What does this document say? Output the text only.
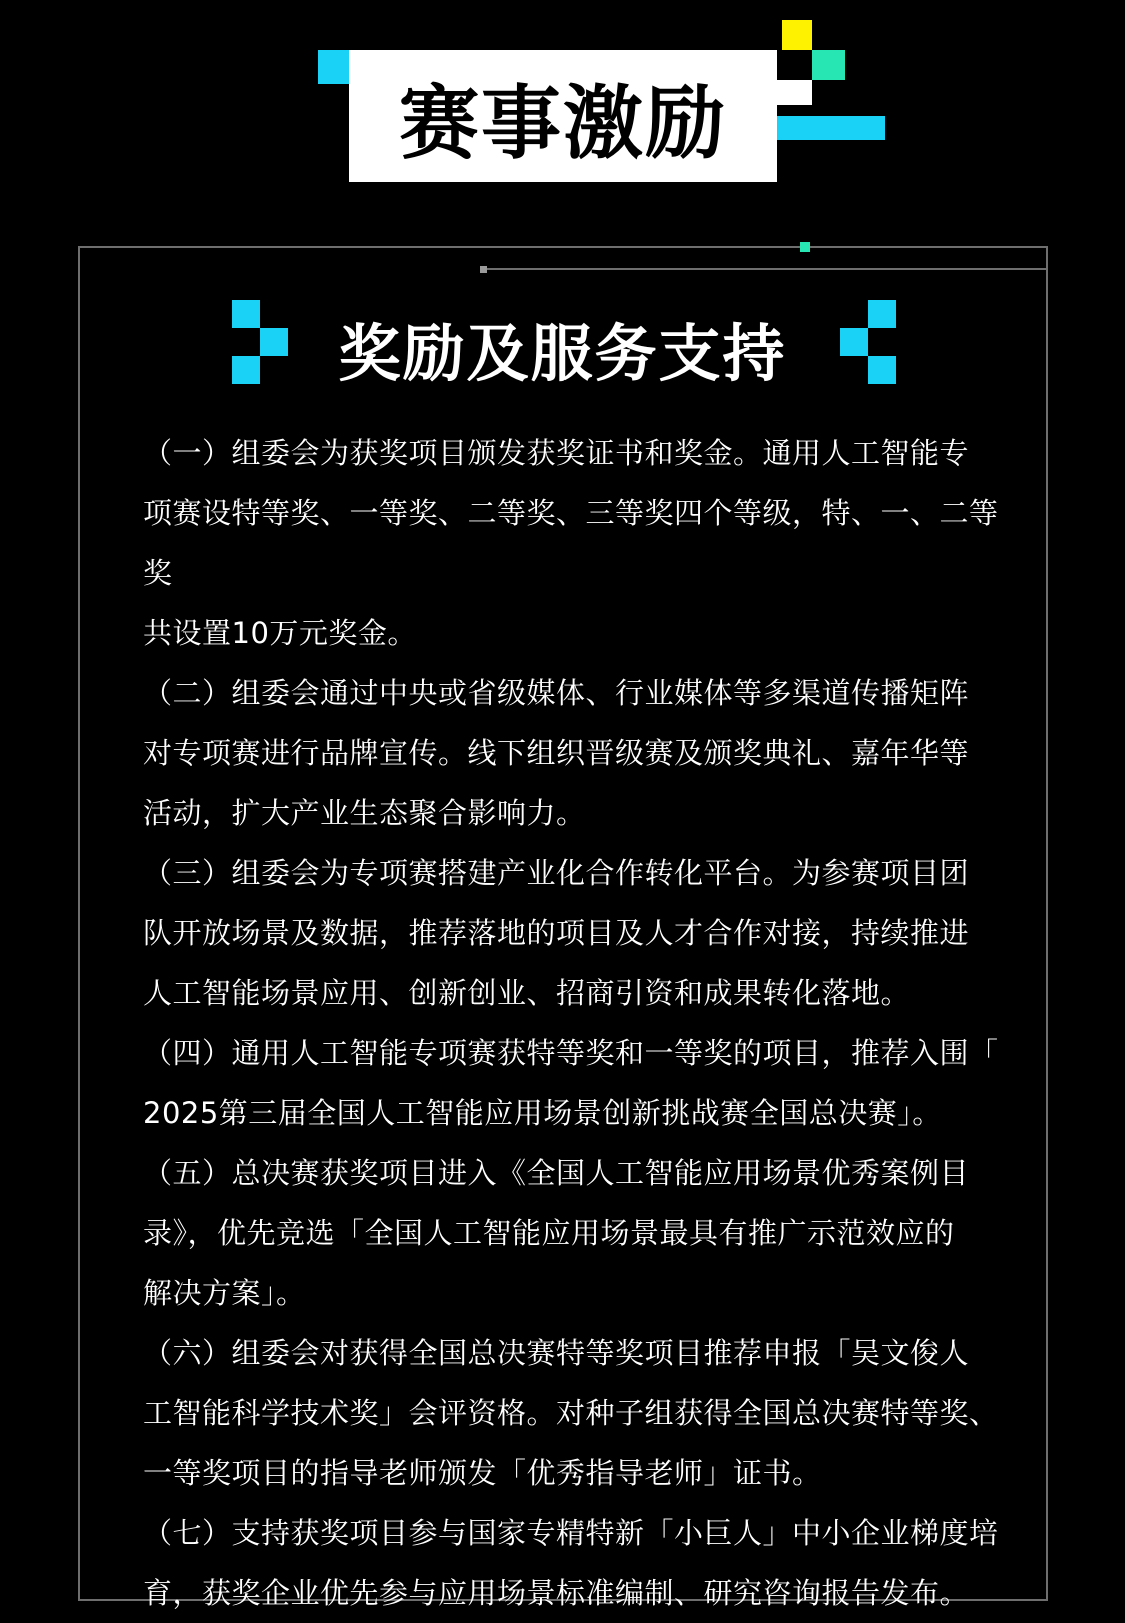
赛事激励
奖励及服务支持

（一）组委会为获奖项目颁发获奖证书和奖金。通用人工智能专
项赛设特等奖、一等奖、二等奖、三等奖四个等级，特、一、二等奖
共设置10万元奖金。

（二）组委会通过中央或省级媒体、行业媒体等多渠道传播矩阵
对专项赛进行品牌宣传。线下组织晋级赛及颁奖典礼、嘉年华等
活动，扩大产业生态聚合影响力。

（三）组委会为专项赛搭建产业化合作转化平台。为参赛项目团
队开放场景及数据，推荐落地的项目及人才合作对接，持续推进
人工智能场景应用、创新创业、招商引资和成果转化落地。

（四）通用人工智能专项赛获特等奖和一等奖的项目，推荐入围「
2025第三届全国人工智能应用场景创新挑战赛全国总决赛」。

（五）总决赛获奖项目进入《全国人工智能应用场景优秀案例目
录》，优先竞选「全国人工智能应用场景最具有推广示范效应的
解决方案」。

（六）组委会对获得全国总决赛特等奖项目推荐申报「吴文俊人
工智能科学技术奖」会评资格。对种子组获得全国总决赛特等奖、
一等奖项目的指导老师颁发「优秀指导老师」证书。

（七）支持获奖项目参与国家专精特新「小巨人」中小企业梯度培
育，获奖企业优先参与应用场景标准编制、研究咨询报告发布。
